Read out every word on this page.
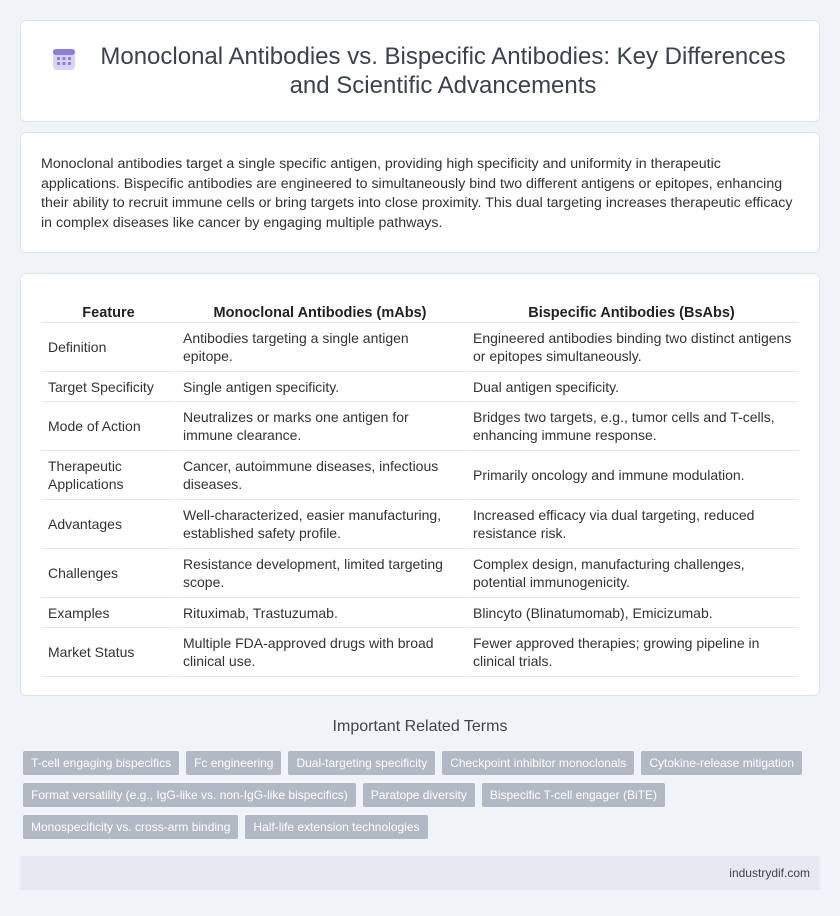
Monoclonal Antibodies vs. Bispecific Antibodies: Key Differences and Scientific Advancements

Monoclonal antibodies target a single specific antigen, providing high specificity and uniformity in therapeutic applications. Bispecific antibodies are engineered to simultaneously bind two different antigens or epitopes, enhancing their ability to recruit immune cells or bring targets into close proximity. This dual targeting increases therapeutic efficacy in complex diseases like cancer by engaging multiple pathways.

Feature	Monoclonal Antibodies (mAbs)	Bispecific Antibodies (BsAbs)
Definition	Antibodies targeting a single antigen epitope.	Engineered antibodies binding two distinct antigens or epitopes simultaneously.
Target Specificity	Single antigen specificity.	Dual antigen specificity.
Mode of Action	Neutralizes or marks one antigen for immune clearance.	Bridges two targets, e.g., tumor cells and T-cells, enhancing immune response.
Therapeutic Applications	Cancer, autoimmune diseases, infectious diseases.	Primarily oncology and immune modulation.
Advantages	Well-characterized, easier manufacturing, established safety profile.	Increased efficacy via dual targeting, reduced resistance risk.
Challenges	Resistance development, limited targeting scope.	Complex design, manufacturing challenges, potential immunogenicity.
Examples	Rituximab, Trastuzumab.	Blincyto (Blinatumomab), Emicizumab.
Market Status	Multiple FDA-approved drugs with broad clinical use.	Fewer approved therapies; growing pipeline in clinical trials.
Important Related Terms
T-cell engaging bispecifics	Fc engineering	Dual-targeting specificity	Checkpoint inhibitor monoclonals	Cytokine-release mitigation
Format versatility (e.g., IgG-like vs. non-IgG-like bispecifics)	Paratope diversity	Bispecific T-cell engager (BiTE)
Monospecificity vs. cross-arm binding	Half-life extension technologies
industrydif.com
